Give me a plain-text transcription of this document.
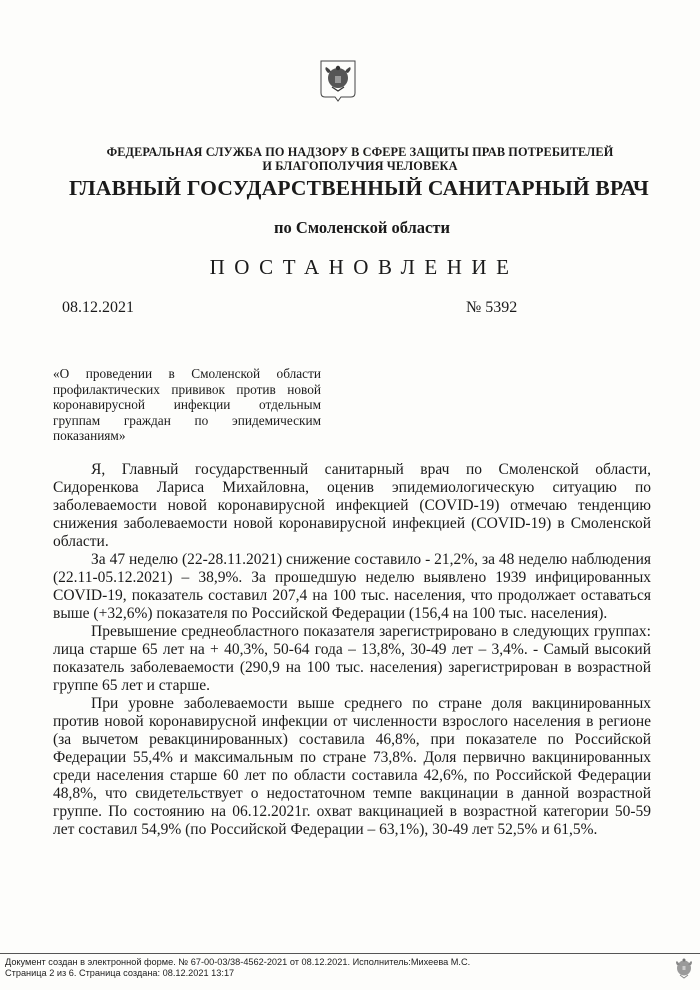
ФЕДЕРАЛЬНАЯ СЛУЖБА ПО НАДЗОРУ В СФЕРЕ ЗАЩИТЫ ПРАВ ПОТРЕБИТЕЛЕЙ
И БЛАГОПОЛУЧИЯ ЧЕЛОВЕКА
ГЛАВНЫЙ ГОСУДАРСТВЕННЫЙ САНИТАРНЫЙ ВРАЧ
по Смоленской области
ПОСТАНОВЛЕНИЕ
08.12.2021	№ 5392
«О проведении в Смоленской области
профилактических прививок против новой
коронавирусной инфекции отдельным
группам граждан по эпидемическим
показаниям»

Я, Главный государственный санитарный врач по Смоленской области, Сидоренкова Лариса Михайловна, оценив эпидемиологическую ситуацию по заболеваемости новой коронавирусной инфекцией (COVID-19) отмечаю тенденцию снижения заболеваемости новой коронавирусной инфекцией (COVID-19) в Смоленской области.

За 47 неделю (22-28.11.2021) снижение составило - 21,2%, за 48 неделю наблюдения (22.11-05.12.2021) – 38,9%. За прошедшую неделю выявлено 1939 инфицированных COVID-19, показатель составил 207,4 на 100 тыс. населения, что продолжает оставаться выше (+32,6%) показателя по Российской Федерации (156,4 на 100 тыс. населения).

Превышение среднеобластного показателя зарегистрировано в следующих группах: лица старше 65 лет на + 40,3%, 50-64 года – 13,8%, 30-49 лет – 3,4%. - Самый высокий показатель заболеваемости (290,9 на 100 тыс. населения) зарегистрирован в возрастной группе 65 лет и старше.

При уровне заболеваемости выше среднего по стране доля вакцинированных против новой коронавирусной инфекции от численности взрослого населения в регионе (за вычетом ревакцинированных) составила 46,8%, при показателе по Российской Федерации 55,4% и максимальным по стране 73,8%. Доля первично вакцинированных среди населения старше 60 лет по области составила 42,6%, по Российской Федерации 48,8%, что свидетельствует о недостаточном темпе вакцинации в данной возрастной группе. По состоянию на 06.12.2021г. охват вакцинацией в возрастной категории 50-59 лет составил 54,9% (по Российской Федерации – 63,1%), 30-49 лет 52,5% и 61,5%.

Документ создан в электронной форме. № 67-00-03/38-4562-2021 от 08.12.2021. Исполнитель:Михеева М.С.
Страница 2 из 6. Страница создана: 08.12.2021 13:17
